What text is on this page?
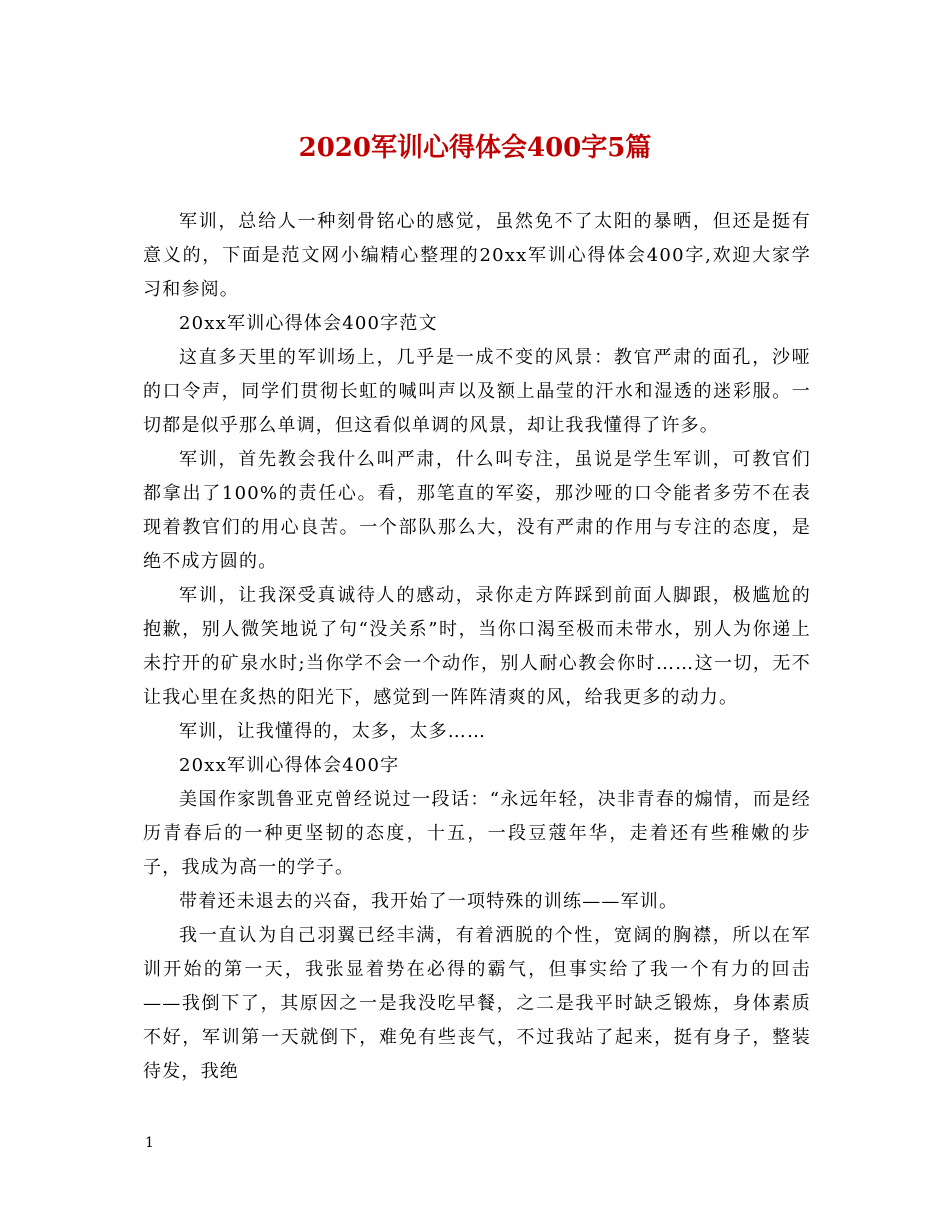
2020军训心得体会400字5篇

军训，总给人一种刻骨铭心的感觉，虽然免不了太阳的暴晒，但还是挺有意义的，下面是范文网小编精心整理的20xx军训心得体会400字,欢迎大家学习和参阅。

20xx军训心得体会400字范文

这直多天里的军训场上，几乎是一成不变的风景：教官严肃的面孔，沙哑的口令声，同学们贯彻长虹的喊叫声以及额上晶莹的汗水和湿透的迷彩服。一切都是似乎那么单调，但这看似单调的风景，却让我我懂得了许多。

军训，首先教会我什么叫严肃，什么叫专注，虽说是学生军训，可教官们都拿出了100%的责任心。看，那笔直的军姿，那沙哑的口令能者多劳不在表现着教官们的用心良苦。一个部队那么大，没有严肃的作用与专注的态度，是绝不成方圆的。

军训，让我深受真诚待人的感动，录你走方阵踩到前面人脚跟，极尴尬的抱歉，别人微笑地说了句“没关系”时，当你口渴至极而未带水，别人为你递上未拧开的矿泉水时;当你学不会一个动作，别人耐心教会你时……这一切，无不让我心里在炙热的阳光下，感觉到一阵阵清爽的风，给我更多的动力。

军训，让我懂得的，太多，太多……

20xx军训心得体会400字

美国作家凯鲁亚克曾经说过一段话：“永远年轻，决非青春的煽情，而是经历青春后的一种更坚韧的态度，十五，一段豆蔻年华，走着还有些稚嫩的步子，我成为高一的学子。

带着还未退去的兴奋，我开始了一项特殊的训练——军训。

我一直认为自己羽翼已经丰满，有着洒脱的个性，宽阔的胸襟，所以在军训开始的第一天，我张显着势在必得的霸气，但事实给了我一个有力的回击——我倒下了，其原因之一是我没吃早餐，之二是我平时缺乏锻炼，身体素质不好，军训第一天就倒下，难免有些丧气，不过我站了起来，挺有身子，整装待发，我绝

1
